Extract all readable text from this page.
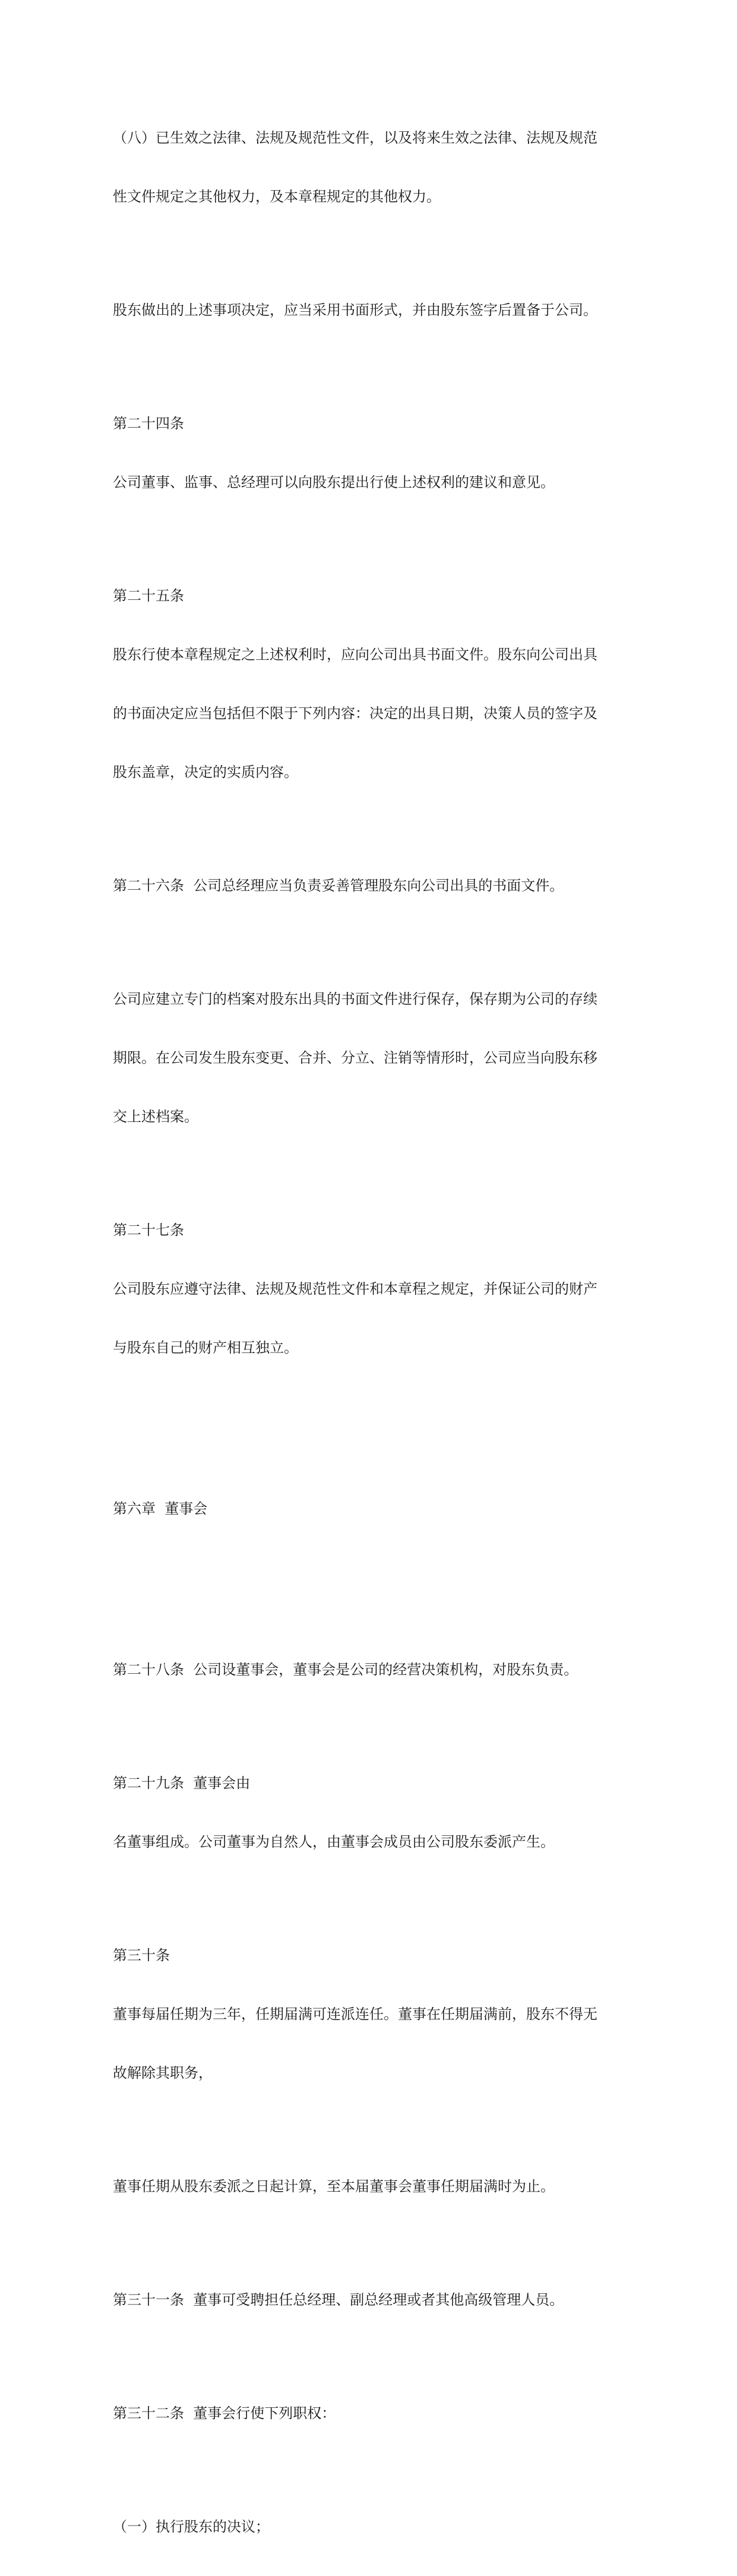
（八）已生效之法律、法规及规范性文件，以及将来生效之法律、法规及规范

性文件规定之其他权力，及本章程规定的其他权力。

股东做出的上述事项决定，应当采用书面形式，并由股东签字后置备于公司。

第二十四条

公司董事、监事、总经理可以向股东提出行使上述权利的建议和意见。

第二十五条

股东行使本章程规定之上述权利时，应向公司出具书面文件。股东向公司出具

的书面决定应当包括但不限于下列内容：决定的出具日期，决策人员的签字及

股东盖章，决定的实质内容。

第二十六条  公司总经理应当负责妥善管理股东向公司出具的书面文件。

公司应建立专门的档案对股东出具的书面文件进行保存，保存期为公司的存续

期限。在公司发生股东变更、合并、分立、注销等情形时，公司应当向股东移

交上述档案。

第二十七条

公司股东应遵守法律、法规及规范性文件和本章程之规定，并保证公司的财产

与股东自己的财产相互独立。

第六章  董事会

第二十八条  公司设董事会，董事会是公司的经营决策机构，对股东负责。

第二十九条  董事会由

名董事组成。公司董事为自然人，由董事会成员由公司股东委派产生。

第三十条

董事每届任期为三年，任期届满可连派连任。董事在任期届满前，股东不得无

故解除其职务，

董事任期从股东委派之日起计算，至本届董事会董事任期届满时为止。

第三十一条  董事可受聘担任总经理、副总经理或者其他高级管理人员。

第三十二条  董事会行使下列职权：

（一）执行股东的决议；
